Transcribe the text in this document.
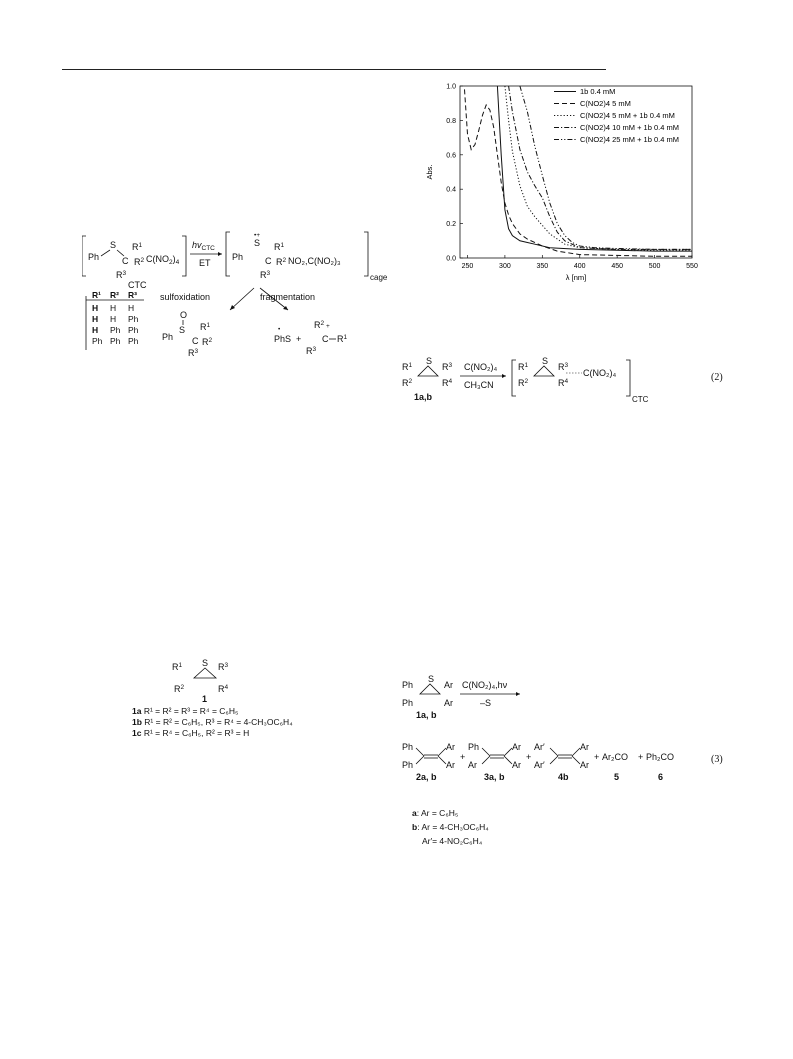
250	300	350	400	450	500	550
0.0
0.2
0.4
0.6
0.8
1.0
λ [nm]
Abs.
1b 0.4 mM
C(NO2)4 5 mM
C(NO2)4 5 mM + 1b 0.4 mM
C(NO2)4 10 mM + 1b 0.4 mM
C(NO2)4 25 mM + 1b 0.4 mM
Ph
S
C
$R^1$
$R^2$
$R^3$
$C(NO_2)_4$
CTC
$hv_{CTC}$
ET
Ph
S
•+
C
$R^1$
$R^2$
$R^3$
NO₂,C(NO₂)₃
cage
R¹ R² R³
H H H
H H Ph
H Ph Ph
Ph Ph Ph
sulfoxidation	fragmentation
O
S
Ph C
$R^1$
$R^2$
$R^3$
PhS
•
+
$R^2$ +
C $R^1$
$R^3$
$R^1$
$R^2$
S
$R^3$
$R^4$
1a,b
C(NO₂)₄
CH₃CN
$R^1$
$R^2$
S
$R^3$
$R^4$
C(NO₂)₄
CTC
(2)
$R^1$
$R^2$
S $R^3$
$R^4$
1
1a R¹ = R² = R³ = R⁴ = C₆H₅
1b R¹ = R² = C₆H₅, R³ = R⁴ = 4-CH₃OC₆H₄
1c R¹ = R⁴ = C₆H₅, R² = R³ = H
Ph
Ph
S
Ar
Ar
1a, b
C(NO₂)₄,hν
–S
Ph
Ph
Ar
Ar
2a, b
+
Ph
Ar
Ar
Ar
3a, b
+
Ar′
Ar′
Ar
Ar
4b
+ Ar₂CO
5
+ Ph₂CO
6
(3)
a: Ar = C₆H₅
b: Ar = 4-CH₃OC₆H₄
Ar′= 4-NO₂C₆H₄
